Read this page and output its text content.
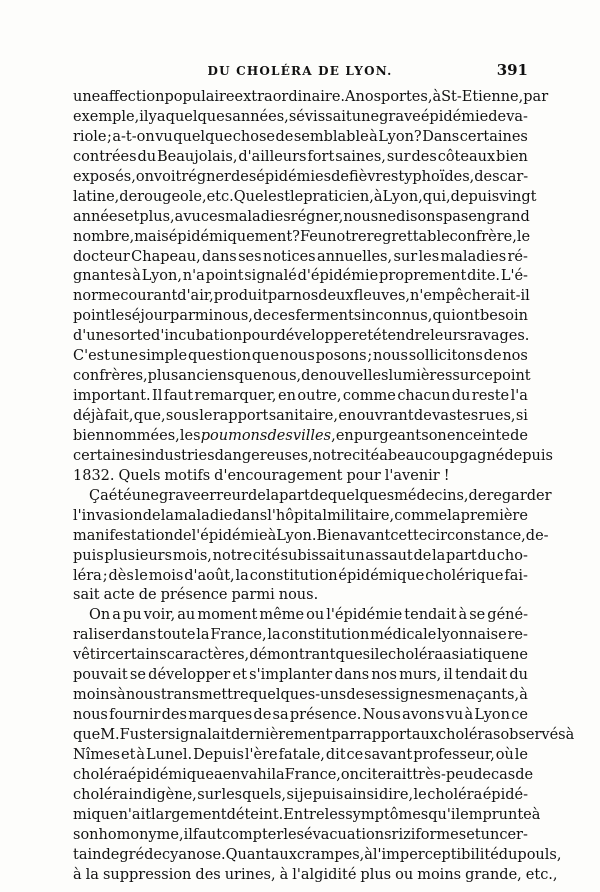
DU CHOLÉRA DE LYON.	391
une affection populaire extraordinaire. A nos portes, à St-Etienne, par
exemple, il y a quelques années, sévissait une grave épidémie de va-
riole ; a-t-on vu quelque chose de semblable à Lyon? Dans certaines
contrées du Beaujolais, d'ailleurs fort saines, sur des côteaux bien
exposés, on voit régner des épidémies de fièvres typhoïdes, de scar-
latine, de rougeole, etc. Quel est le praticien, à Lyon, qui, depuis vingt
années et plus, a vu ces maladies régner, nous ne disons pas en grand
nombre, mais épidémiquement? Feu notre regrettable confrère, le
docteur Chapeau, dans ses notices annuelles, sur les maladies ré-
gnantes à Lyon, n'a point signalé d'épidémie proprement dite. L'é-
norme courant d'air, produit par nos deux fleuves, n'empêcherait-il
point le séjour parmi nous, de ces ferments inconnus, qui ont besoin
d'une sorte d'incubation pour développer et étendre leurs ravages.
C'est une simple question que nous posons ; nous sollicitons de nos
confrères, plus anciens que nous, de nouvelles lumières sur ce point
important. Il faut remarquer, en outre, comme chacun du reste l'a
déjà fait, que, sous le rapport sanitaire, en ouvrant de vastes rues, si
bien nommées, les poumons des villes, en purgeant son enceinte de
certaines industries dangereuses, notre cité a beaucoup gagné depuis
1832. Quels motifs d'encouragement pour l'avenir !
Ça été une grave erreur de la part de quelques médecins, de regarder
l'invasion de la maladie dans l'hôpital militaire, comme la première
manifestation de l'épidémie à Lyon. Bien avant cette circonstance, de-
puis plusieurs mois, notre cité subissait un assaut de la part du cho-
léra ; dès le mois d'août, la constitution épidémique cholérique fai-
sait acte de présence parmi nous.
On a pu voir, au moment même ou l'épidémie tendait à se géné-
raliser dans toute la France, la constitution médicale lyonnaise re-
vêtir certains caractères, démontrant que si le choléra asiatique ne
pouvait se développer et s'implanter dans nos murs, il tendait du
moins à nous transmettre quelques-uns de ses signes menaçants, à
nous fournir des marques de sa présence. Nous avons vu à Lyon ce
que M. Fuster signalait dernièrement par rapport aux choléras observés à
Nîmes et à Lunel. Depuis l'ère fatale, dit ce savant professeur, où le
choléra épidémique a envahi la France, on citerait très-peu de cas de
choléra indigène, sur lesquels, si je puis ainsi dire, le choléra épidé-
mique n'ait largement déteint. Entre les symptômes qu'il emprunte à
son homonyme, il faut compter les évacuations riziformes et un cer-
tain degré de cyanose. Quant aux crampes, à l'imperceptibilité du pouls,
à la suppression des urines, à l'algidité plus ou moins grande, etc.,
